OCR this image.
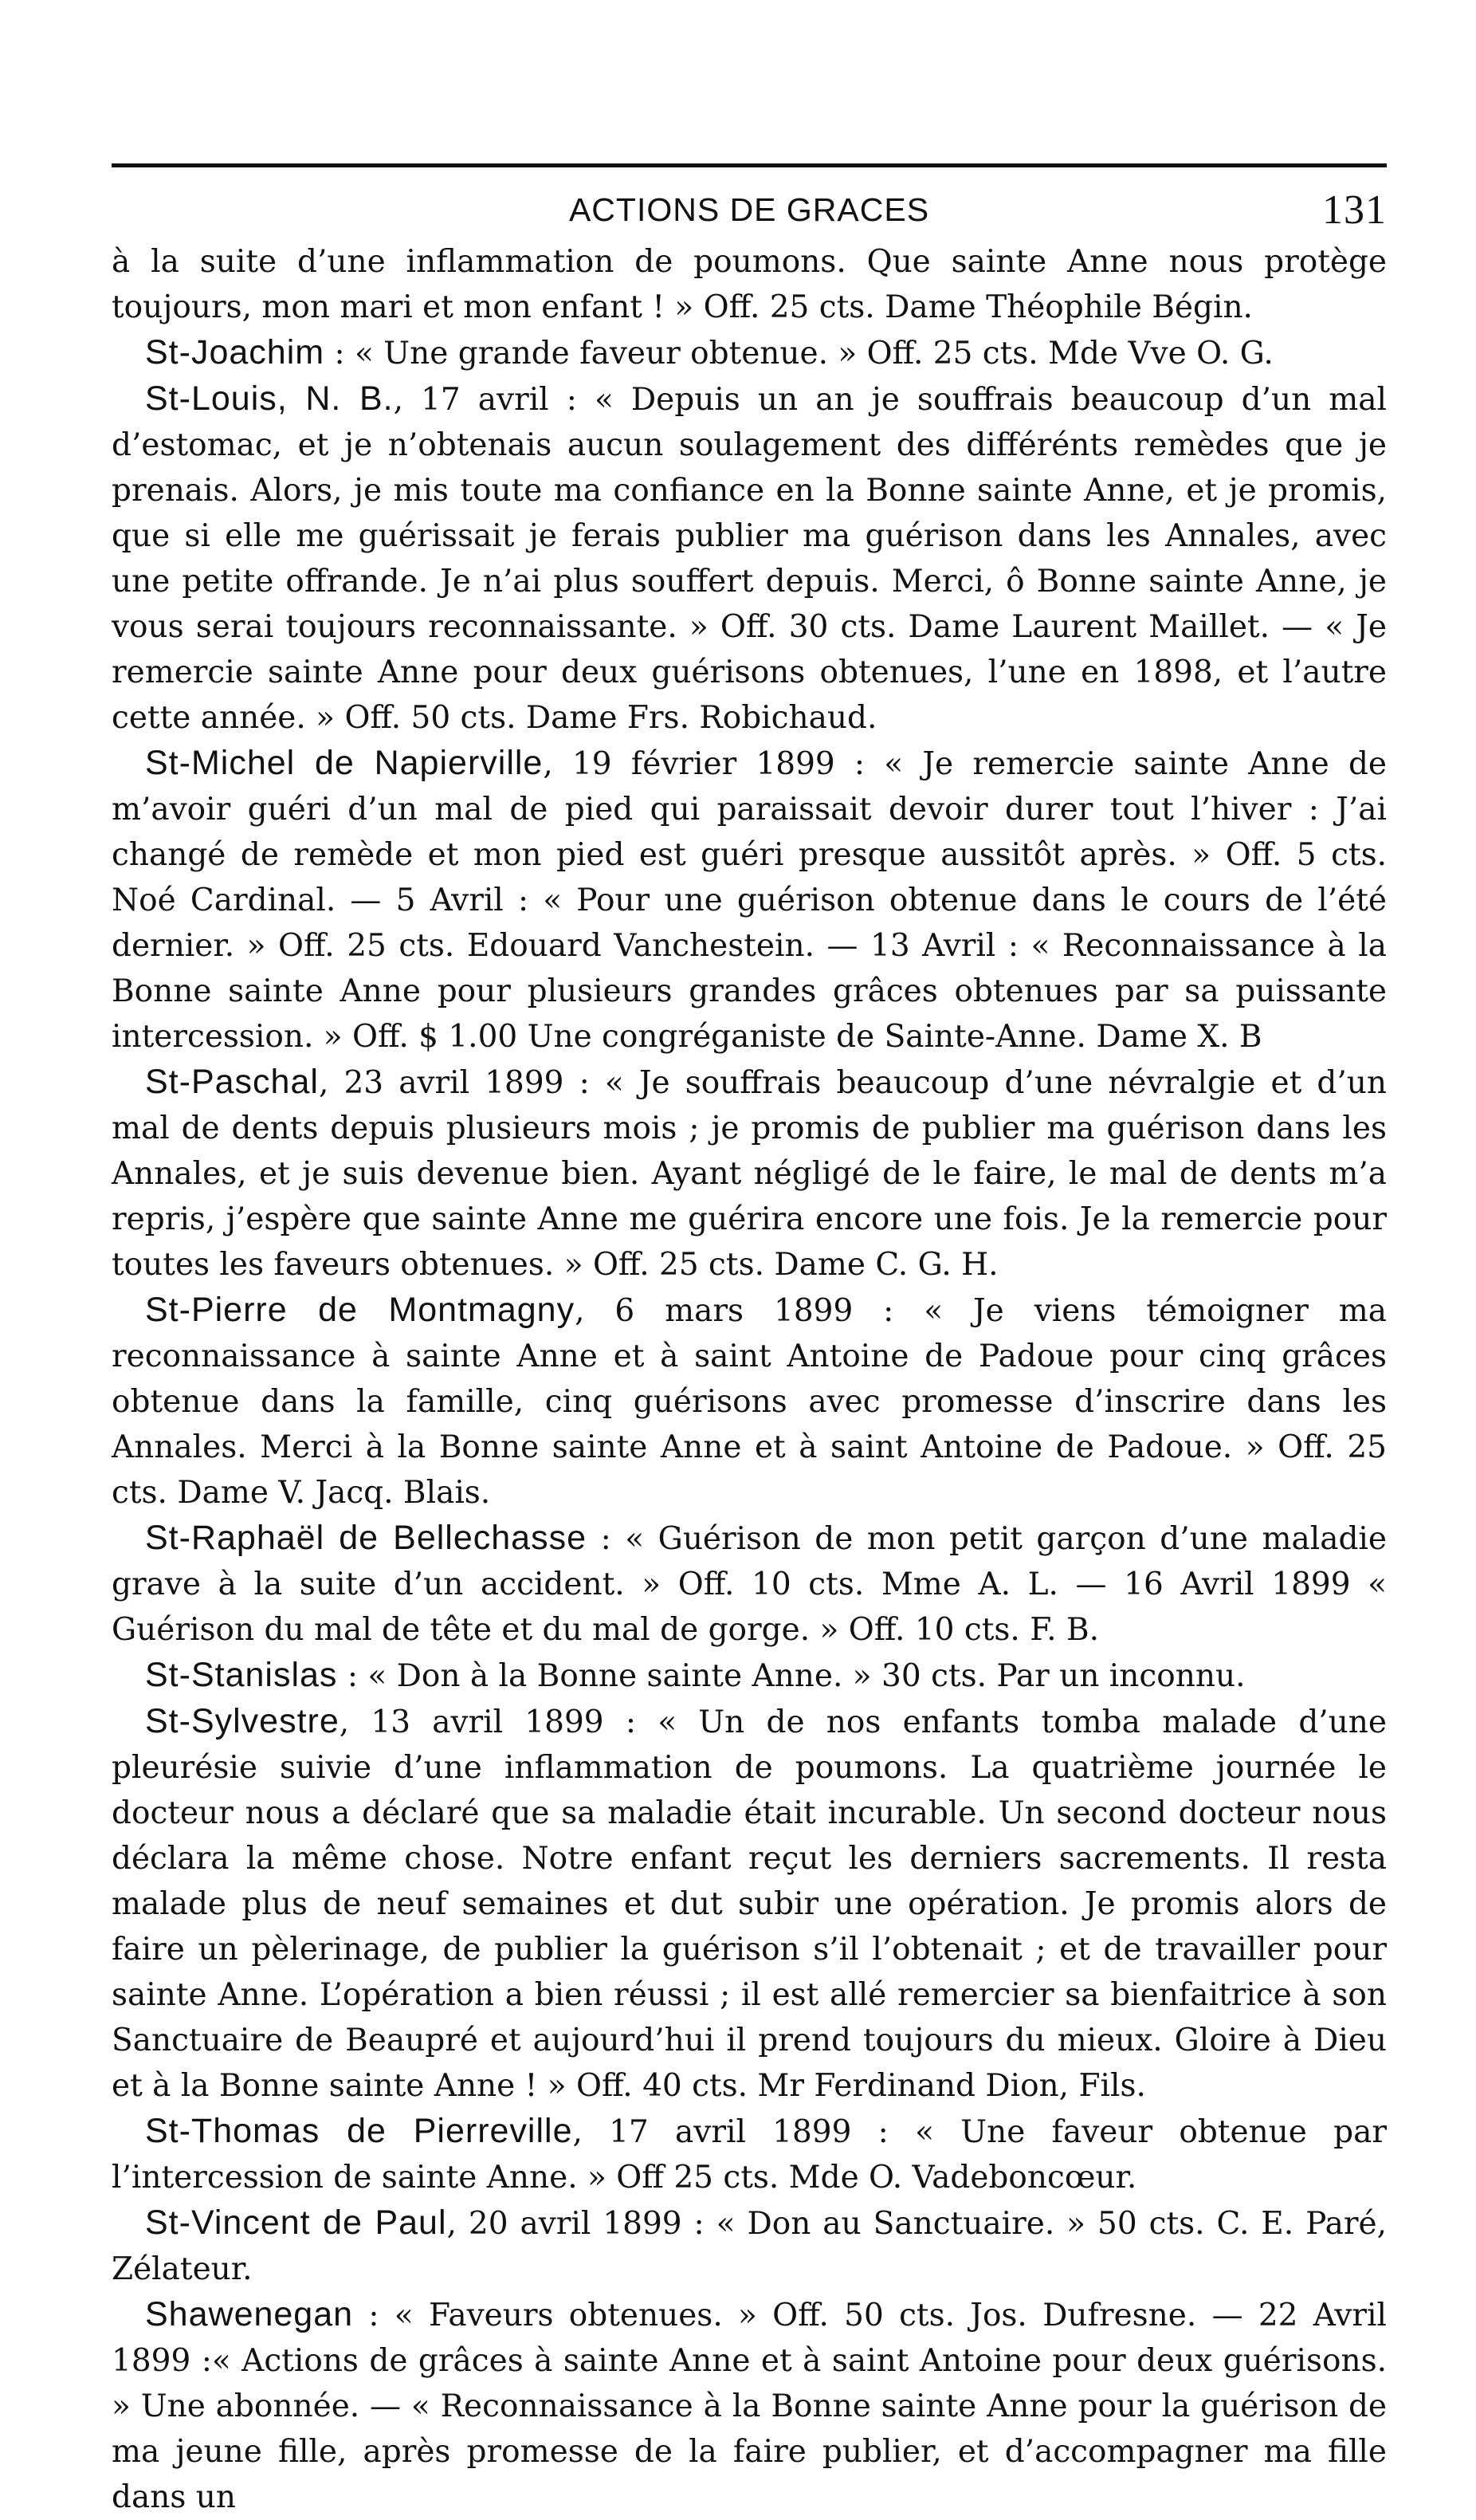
ACTIONS DE GRACES	131

à la suite d’une inflammation de poumons. Que sainte Anne nous protège toujours, mon mari et mon enfant ! » Off. 25 cts. Dame Théophile Bégin.

St-Joachim : « Une grande faveur obtenue. » Off. 25 cts. Mde Vve O. G.

St-Louis, N. B., 17 avril : « Depuis un an je souffrais beaucoup d’un mal d’estomac, et je n’obtenais aucun soulagement des différénts remèdes que je prenais. Alors, je mis toute ma confiance en la Bonne sainte Anne, et je promis, que si elle me guérissait je ferais publier ma guérison dans les Annales, avec une petite offrande. Je n’ai plus souffert depuis. Merci, ô Bonne sainte Anne, je vous serai toujours reconnaissante. » Off. 30 cts. Dame Laurent Maillet. — « Je remercie sainte Anne pour deux guérisons obtenues, l’une en 1898, et l’autre cette année. » Off. 50 cts. Dame Frs. Robichaud.

St-Michel de Napierville, 19 février 1899 : « Je remercie sainte Anne de m’avoir guéri d’un mal de pied qui paraissait devoir durer tout l’hiver : J’ai changé de remède et mon pied est guéri presque aussitôt après. » Off. 5 cts. Noé Cardinal. — 5 Avril : « Pour une guérison obtenue dans le cours de l’été dernier. » Off. 25 cts. Edouard Vanchestein. — 13 Avril : « Reconnaissance à la Bonne sainte Anne pour plusieurs grandes grâces obtenues par sa puissante intercession. » Off. $ 1.00 Une congréganiste de Sainte-Anne. Dame X. B

St-Paschal, 23 avril 1899 : « Je souffrais beaucoup d’une névralgie et d’un mal de dents depuis plusieurs mois ; je promis de publier ma guérison dans les Annales, et je suis devenue bien. Ayant négligé de le faire, le mal de dents m’a repris, j’espère que sainte Anne me guérira encore une fois. Je la remercie pour toutes les faveurs obtenues. » Off. 25 cts. Dame C. G. H.

St-Pierre de Montmagny, 6 mars 1899 : « Je viens témoigner ma reconnaissance à sainte Anne et à saint Antoine de Padoue pour cinq grâces obtenue dans la famille, cinq guérisons avec promesse d’inscrire dans les Annales. Merci à la Bonne sainte Anne et à saint Antoine de Padoue. » Off. 25 cts. Dame V. Jacq. Blais.

St-Raphaël de Bellechasse : « Guérison de mon petit garçon d’une maladie grave à la suite d’un accident. » Off. 10 cts. Mme A. L. — 16 Avril 1899 « Guérison du mal de tête et du mal de gorge. » Off. 10 cts. F. B.

St-Stanislas : « Don à la Bonne sainte Anne. » 30 cts. Par un inconnu.

St-Sylvestre, 13 avril 1899 : « Un de nos enfants tomba malade d’une pleurésie suivie d’une inflammation de poumons. La quatrième journée le docteur nous a déclaré que sa maladie était incurable. Un second docteur nous déclara la même chose. Notre enfant reçut les derniers sacrements. Il resta malade plus de neuf semaines et dut subir une opération. Je promis alors de faire un pèlerinage, de publier la guérison s’il l’obtenait ; et de travailler pour sainte Anne. L’opération a bien réussi ; il est allé remercier sa bienfaitrice à son Sanctuaire de Beaupré et aujourd’hui il prend toujours du mieux. Gloire à Dieu et à la Bonne sainte Anne ! » Off. 40 cts. Mr Ferdinand Dion, Fils.

St-Thomas de Pierreville, 17 avril 1899 : « Une faveur obtenue par l’intercession de sainte Anne. » Off 25 cts. Mde O. Vadeboncœur.

St-Vincent de Paul, 20 avril 1899 : « Don au Sanctuaire. » 50 cts. C. E. Paré, Zélateur.

Shawenegan : « Faveurs obtenues. » Off. 50 cts. Jos. Dufresne. — 22 Avril 1899 :« Actions de grâces à sainte Anne et à saint Antoine pour deux guérisons. » Une abonnée. — « Reconnaissance à la Bonne sainte Anne pour la guérison de ma jeune fille, après promesse de la faire publier, et d’accompagner ma fille dans un
